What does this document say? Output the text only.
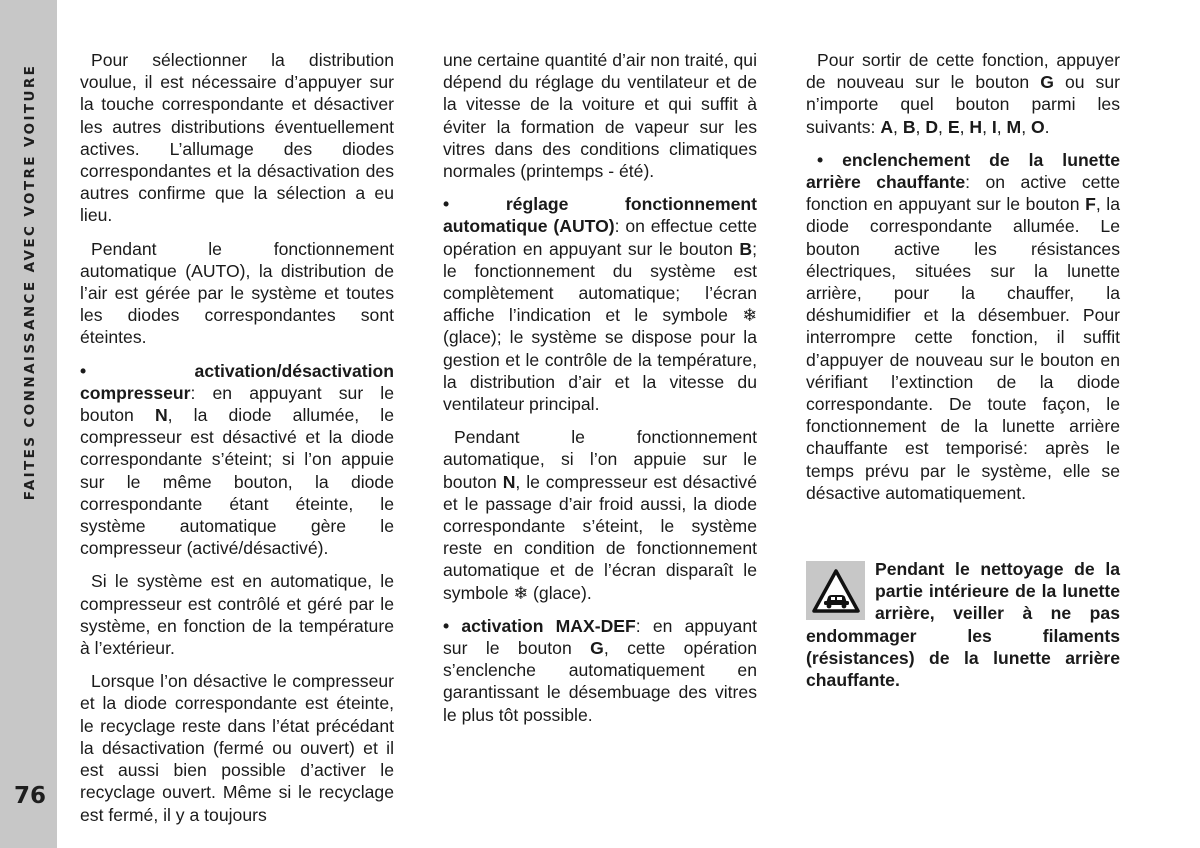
FAITES CONNAISSANCE AVEC VOTRE VOITURE
76

Pour sélectionner la distribution voulue, il est nécessaire d’appuyer sur la touche correspondante et désactiver les autres distributions éventuellement actives. L’allumage des diodes correspondantes et la désactivation des autres confirme que la sélection a eu lieu.

Pendant le fonctionnement automatique (AUTO), la distribution de l’air est gérée par le système et toutes les diodes correspondantes sont éteintes.

• activation/désactivation compresseur: en appuyant sur le bouton N, la diode allumée, le compresseur est désactivé et la diode correspondante s’éteint; si l’on appuie sur le même bouton, la diode correspondante étant éteinte, le système automatique gère le compresseur (activé/désactivé).

Si le système est en automatique, le compresseur est contrôlé et géré par le système, en fonction de la température à l’extérieur.

Lorsque l’on désactive le compresseur et la diode correspondante est éteinte, le recyclage reste dans l’état précédant la désactivation (fermé ou ouvert) et il est aussi bien possible d’activer le recyclage ouvert. Même si le recyclage est fermé, il y a toujours

une certaine quantité d’air non traité, qui dépend du réglage du ventilateur et de la vitesse de la voiture et qui suffit à éviter la formation de vapeur sur les vitres dans des conditions climatiques normales (printemps - été).

• réglage fonctionnement automatique (AUTO): on effectue cette opération en appuyant sur le bouton B; le fonctionnement du système est complètement automatique; l’écran affiche l’indication et le symbole ❄ (glace); le système se dispose pour la gestion et le contrôle de la température, la distribution d’air et la vitesse du ventilateur principal.

Pendant le fonctionnement automatique, si l’on appuie sur le bouton N, le compresseur est désactivé et le passage d’air froid aussi, la diode correspondante s’éteint, le système reste en condition de fonctionnement automatique et de l’écran disparaît le symbole ❄ (glace).

• activation MAX-DEF: en appuyant sur le bouton G, cette opération s’enclenche automatiquement en garantissant le désembuage des vitres le plus tôt possible.

Pour sortir de cette fonction, appuyer de nouveau sur le bouton G ou sur n’importe quel bouton parmi les suivants: A, B, D, E, H, I, M, O.

• enclenchement de la lunette arrière chauffante: on active cette fonction en appuyant sur le bouton F, la diode correspondante allumée. Le bouton active les résistances électriques, situées sur la lunette arrière, pour la chauffer, la déshumidifier et la désembuer. Pour interrompre cette fonction, il suffit d’appuyer de nouveau sur le bouton en vérifiant l’extinction de la diode correspondante. De toute façon, le fonctionnement de la lunette arrière chauffante est temporisé: après le temps prévu par le système, elle se désactive automatiquement.

Pendant le nettoyage de la partie intérieure de la lunette arrière, veiller à ne pas endommager les filaments (résistances) de la lunette arrière chauffante.
